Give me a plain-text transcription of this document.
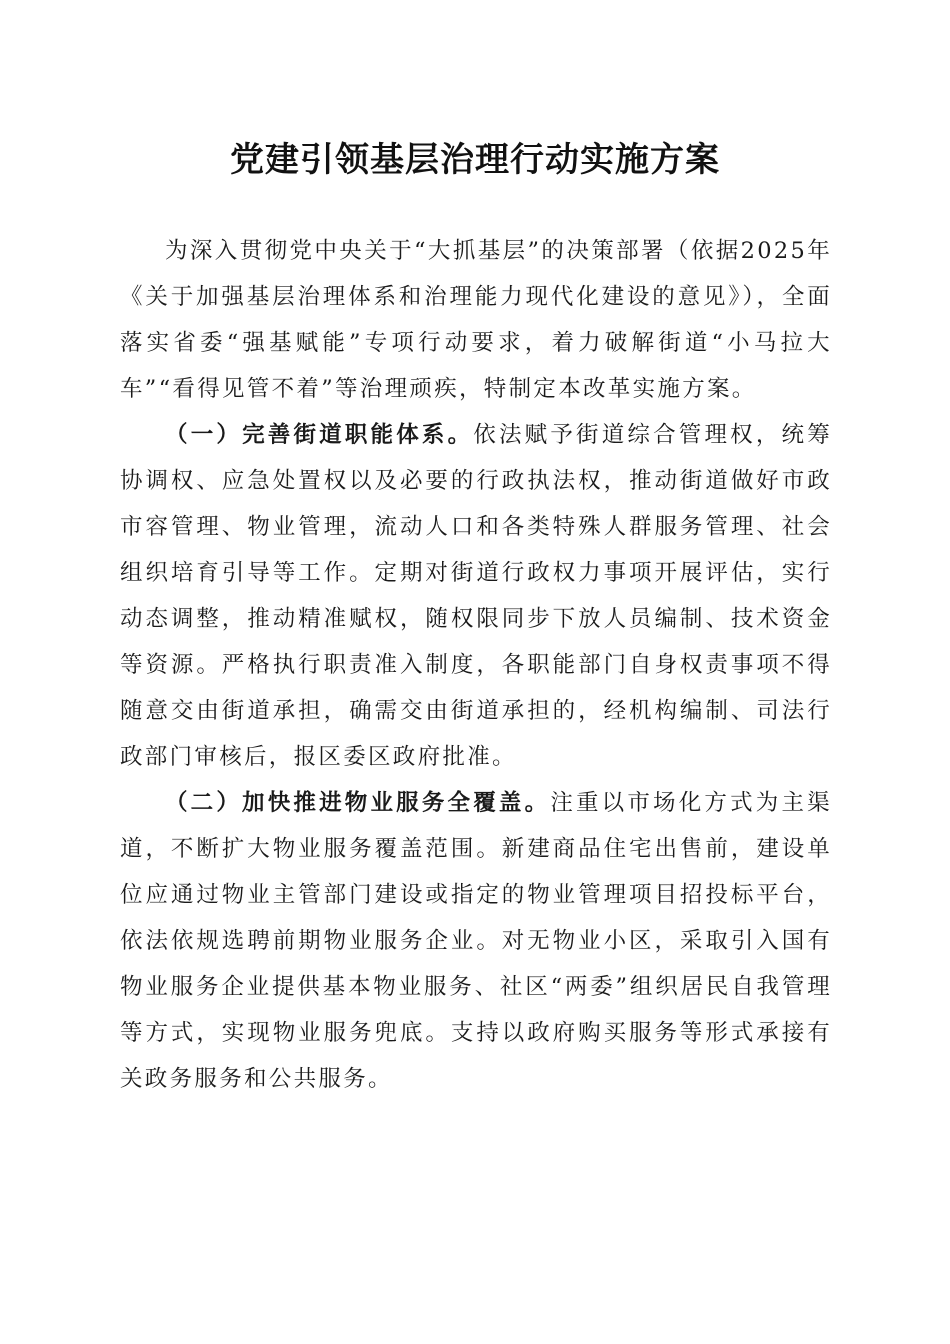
党建引领基层治理行动实施方案

为深入贯彻党中央关于“大抓基层”的决策部署（依据2025年《关于加强基层治理体系和治理能力现代化建设的意见》），全面落实省委“强基赋能”专项行动要求，着力破解街道“小马拉大车”“看得见管不着”等治理顽疾，特制定本改革实施方案。

（一）完善街道职能体系。依法赋予街道综合管理权，统筹协调权、应急处置权以及必要的行政执法权，推动街道做好市政市容管理、物业管理，流动人口和各类特殊人群服务管理、社会组织培育引导等工作。定期对街道行政权力事项开展评估，实行动态调整，推动精准赋权，随权限同步下放人员编制、技术资金等资源。严格执行职责准入制度，各职能部门自身权责事项不得随意交由街道承担，确需交由街道承担的，经机构编制、司法行政部门审核后，报区委区政府批准。

（二）加快推进物业服务全覆盖。注重以市场化方式为主渠道，不断扩大物业服务覆盖范围。新建商品住宅出售前，建设单位应通过物业主管部门建设或指定的物业管理项目招投标平台，依法依规选聘前期物业服务企业。对无物业小区，采取引入国有物业服务企业提供基本物业服务、社区“两委”组织居民自我管理等方式，实现物业服务兜底。支持以政府购买服务等形式承接有关政务服务和公共服务。
